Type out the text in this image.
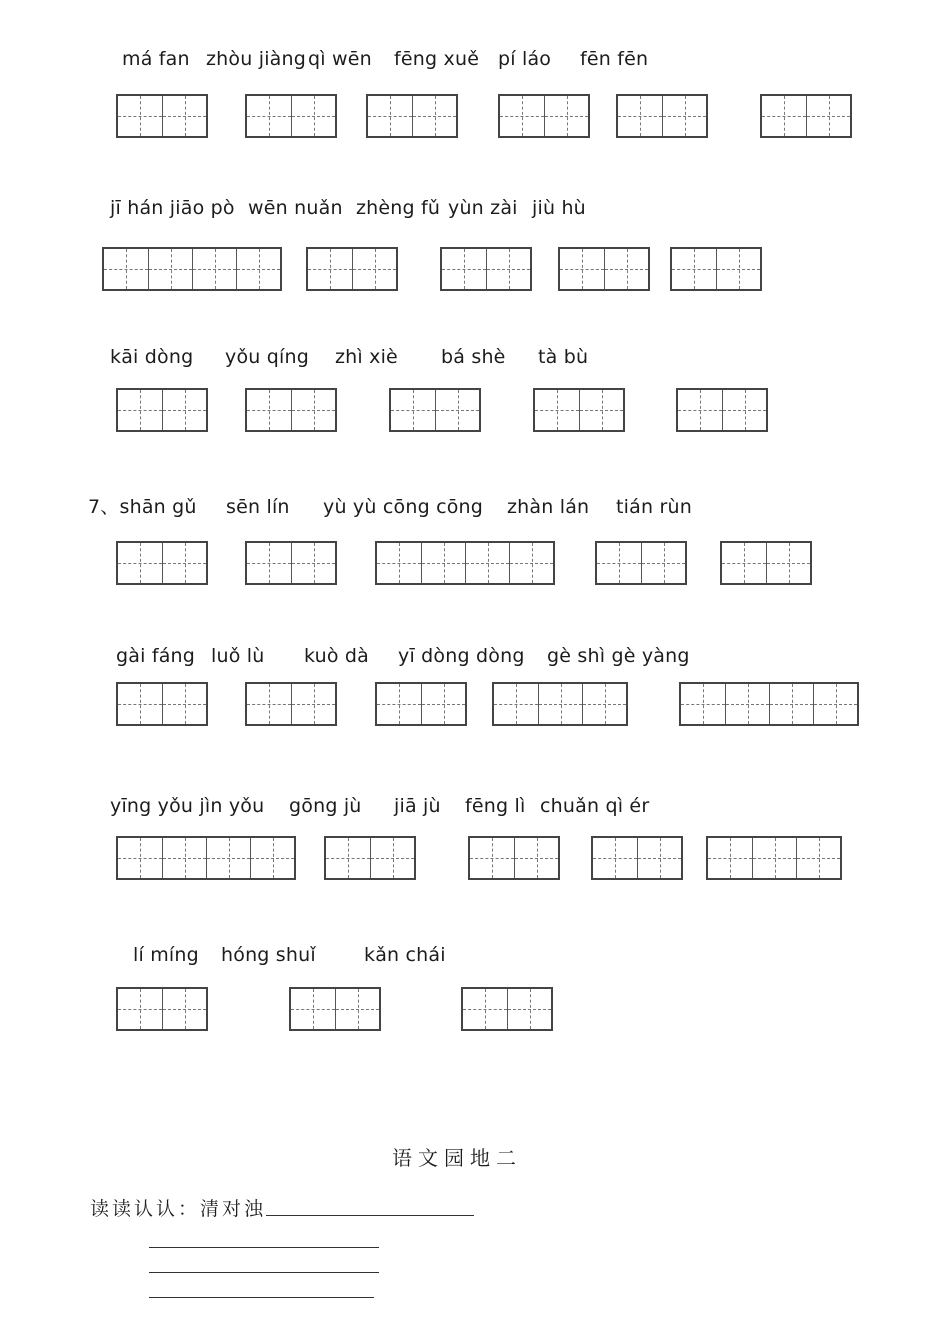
má fan zhòu jiàng qì wēn fēng xuě pí láo fēn fēn
jī hán jiāo pò wēn nuǎn zhèng fǔ yùn zài jiù hù
kāi dòng yǒu qíng zhì xiè bá shè tà bù
7、shān gǔ sēn lín yù yù cōng cōng zhàn lán tián rùn
gài fáng luǒ lù kuò dà yī dòng dòng gè shì gè yàng
yīng yǒu jìn yǒu gōng jù jiā jù fēng lì chuǎn qì ér
lí míng hóng shuǐ	kǎn chái
语文园地二
读读认认：清对浊
